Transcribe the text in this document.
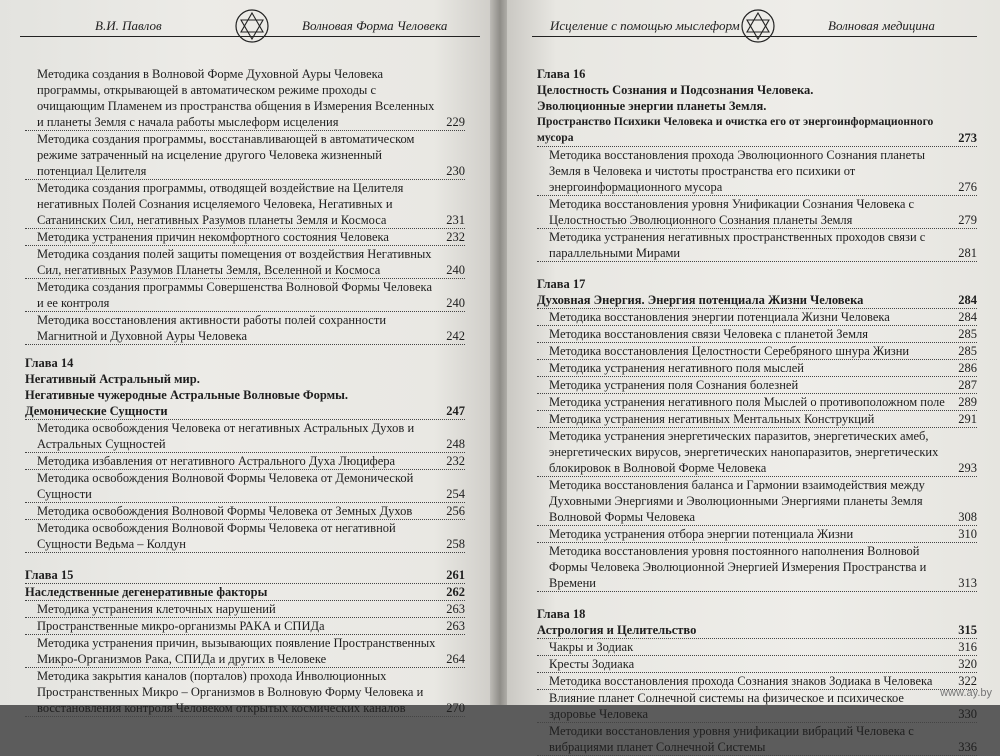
В.И. Павлов	Волновая Форма Человека
Методика создания в Волновой Форме Духовной Ауры Человека программы, открывающей в автоматическом режиме проходы с очищающим Пламенем из пространства общения в Измерения Вселенных и планеты Земля с начала работы мыслеформ исцеления	229
Методика создания программы, восстанавливающей в автоматическом режиме затраченный на исцеление другого Человека жизненный потенциал Целителя	230
Методика создания программы, отводящей воздействие на Целителя негативных Полей Сознания исцеляемого Человека, Негативных и Сатанинских Сил, негативных Разумов планеты Земля и Космоса	231
Методика устранения причин некомфортного состояния Человека	232
Методика создания полей защиты помещения от воздействия Негативных Сил, негативных Разумов Планеты Земля, Вселенной и Космоса	240
Методика создания программы Совершенства Волновой Формы Человека и ее контроля	240
Методика восстановления активности работы полей сохранности Магнитной и Духовной Ауры Человека	242
Глава 14
Негативный Астральный мир.
Негативные чужеродные Астральные Волновые Формы.
Демонические Сущности	247
Методика освобождения Человека от негативных Астральных Духов и Астральных Сущностей	248
Методика избавления от негативного Астрального Духа Люцифера	232
Методика освобождения Волновой Формы Человека от Демонической Сущности	254
Методика освобождения Волновой Формы Человека от Земных Духов	256
Методика освобождения Волновой Формы Человека от негативной Сущности Ведьма – Колдун	258
Глава 15	261
Наследственные дегенеративные факторы	262
Методика устранения клеточных нарушений	263
Пространственные микро-организмы РАКА и СПИДа	263
Методика устранения причин, вызывающих появление Пространственных Микро-Организмов Рака, СПИДа и других в Человеке	264
Методика закрытия каналов (порталов) прохода Инволюционных Пространственных Микро – Организмов в Волновую Форму Человека и восстановления контроля Человеком открытых космических каналов	270
Исцеление с помощью мыслеформ	Волновая медицина
Глава 16
Целостность Сознания и Подсознания Человека.
Эволюционные энергии планеты Земля.
Пространство Психики Человека и очистка его от энергоинформационного мусора	273
Методика восстановления прохода Эволюционного Сознания планеты Земля в Человека и чистоты пространства его психики от энергоинформационного мусора	276
Методика восстановления уровня Унификации Сознания Человека с Целостностью Эволюционного Сознания планеты Земля	279
Методика устранения негативных пространственных проходов связи с параллельными Мирами	281
Глава 17
Духовная Энергия. Энергия потенциала Жизни Человека	284
Методика восстановления энергии потенциала Жизни Человека	284
Методика восстановления связи Человека с планетой Земля	285
Методика восстановления Целостности Серебряного шнура Жизни	285
Методика устранения негативного поля мыслей	286
Методика устранения поля Сознания болезней	287
Методика устранения негативного поля Мыслей о противоположном поле	289
Методика устранения негативных Ментальных Конструкций	291
Методика устранения энергетических паразитов, энергетических амеб, энергетических вирусов, энергетических нанопаразитов, энергетических блокировок в Волновой Форме Человека	293
Методика восстановления баланса и Гармонии взаимодействия между Духовными Энергиями и Эволюционными Энергиями планеты Земля Волновой Формы Человека	308
Методика устранения отбора энергии потенциала Жизни	310
Методика восстановления уровня постоянного наполнения Волновой Формы Человека Эволюционной Энергией Измерения Пространства и Времени	313
Глава 18
Астрология и Целительство	315
Чакры и Зодиак	316
Кресты Зодиака	320
Методика восстановления прохода Сознания знаков Зодиака в Человека	322
Влияние планет Солнечной системы на физическое и психическое здоровье Человека	330
Методики восстановления уровня унификации вибраций Человека с вибрациями планет Солнечной Системы	336
www.ay.by
